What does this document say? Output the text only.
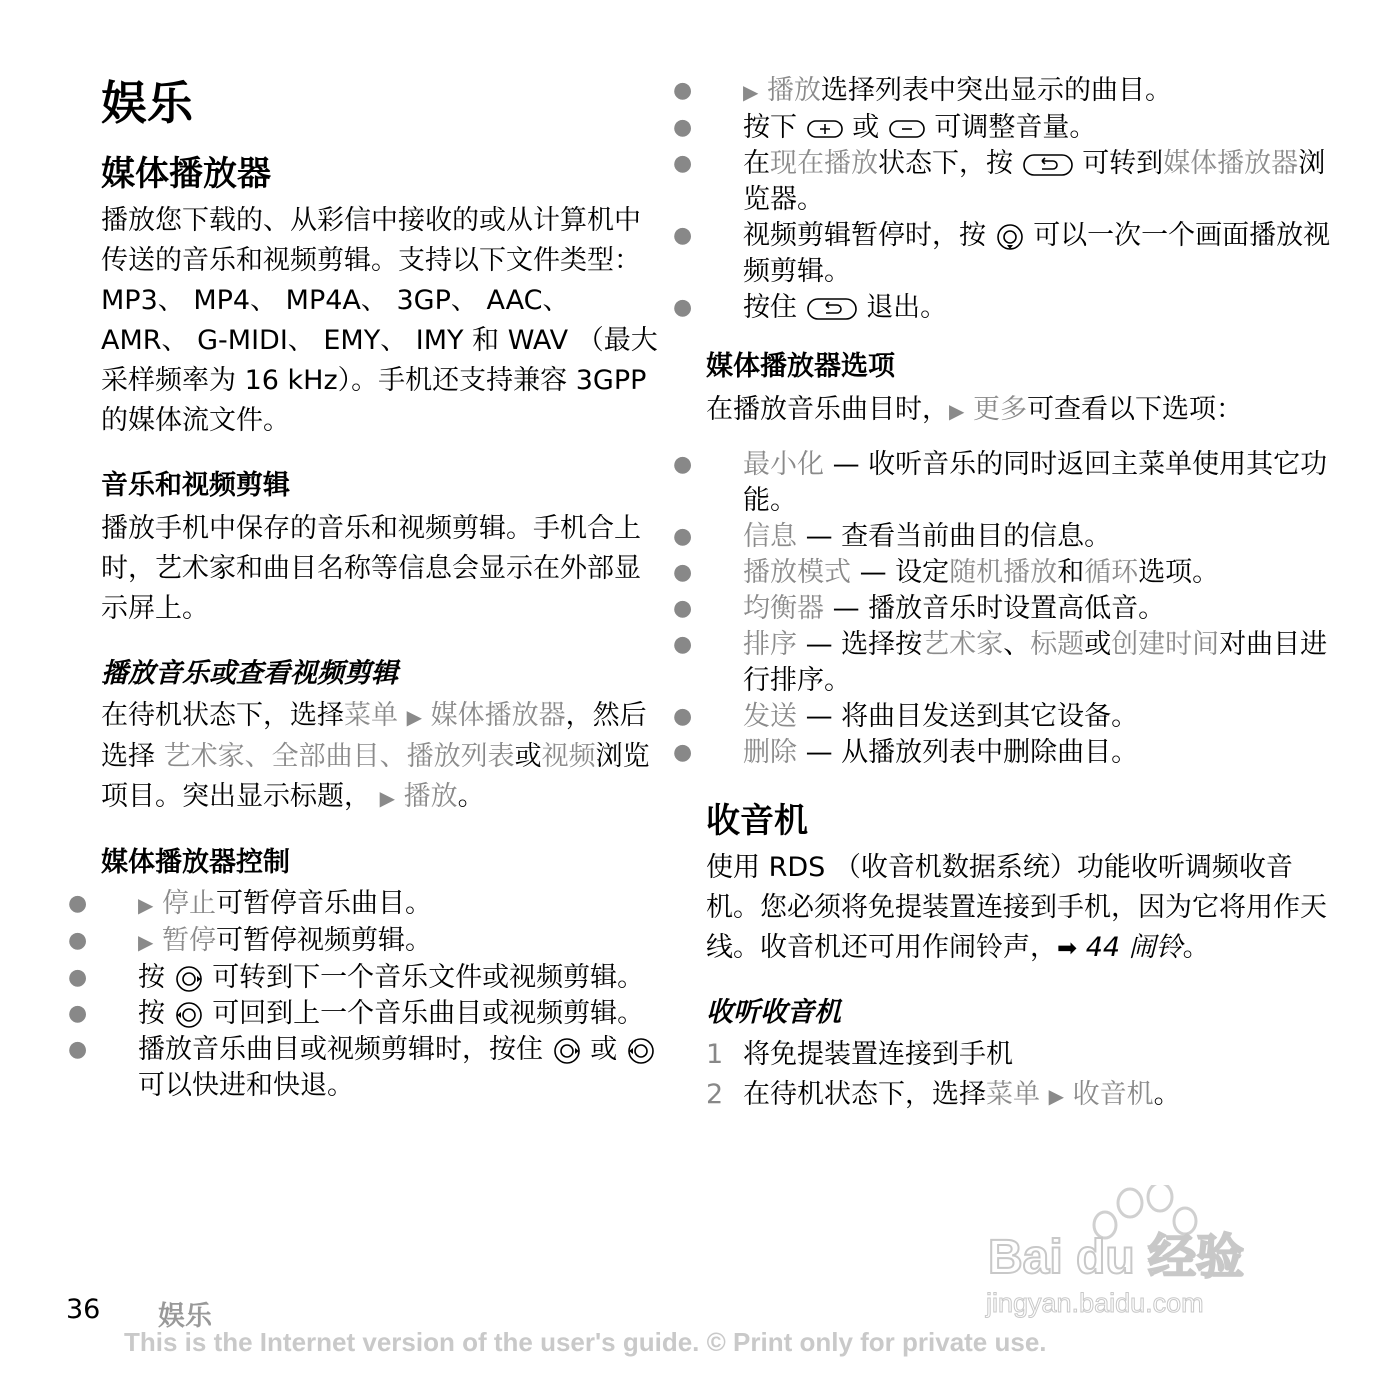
娱乐
媒体播放器

播放您下载的、从彩信中接收的或从计算机中传送的音乐和视频剪辑。支持以下文件类型：MP3、 MP4、 MP4A、 3GP、 AAC、 AMR、 G-MIDI、 EMY、 IMY 和 WAV （最大采样频率为 16 kHz）。手机还支持兼容 3GPP 的媒体流文件。

音乐和视频剪辑

播放手机中保存的音乐和视频剪辑。手机合上时，艺术家和曲目名称等信息会显示在外部显示屏上。

播放音乐或查看视频剪辑

在待机状态下，选择菜单 ▶ 媒体播放器，然后选择 艺术家、全部曲目、播放列表或视频浏览项目。突出显示标题， ▶ 播放。

媒体播放器控制
●	▶ 停止可暂停音乐曲目。
●	▶ 暂停可暂停视频剪辑。
● 按 可转到下一个音乐文件或视频剪辑。
● 按 可回到上一个音乐曲目或视频剪辑。
● 播放音乐曲目或视频剪辑时，按住 或  可以快进和快退。
●	▶ 播放选择列表中突出显示的曲目。
● 按下 或 可调整音量。
● 在现在播放状态下，按	可转到媒体播放器浏览器。
● 视频剪辑暂停时，按 可以一次一个画面播放视频剪辑。
● 按住	退出。
媒体播放器选项

在播放音乐曲目时，▶ 更多可查看以下选项：

● 最小化 — 收听音乐的同时返回主菜单使用其它功能。
● 信息 — 查看当前曲目的信息。
● 播放模式 — 设定随机播放和循环选项。
● 均衡器 — 播放音乐时设置高低音。
● 排序 — 选择按艺术家、标题或创建时间对曲目进行排序。
● 发送 — 将曲目发送到其它设备。
● 删除 — 从播放列表中删除曲目。
收音机

使用 RDS （收音机数据系统）功能收听调频收音机。您必须将免提装置连接到手机，因为它将用作天线。收音机还可用作闹铃声，➡ 44 闹铃。

收听收音机
1 将免提装置连接到手机
2 在待机状态下，选择菜单 ▶ 收音机。
Bai du 经验
jingyan.baidu.com
36 娱乐
This is the Internet version of the user's guide. © Print only for private use.
